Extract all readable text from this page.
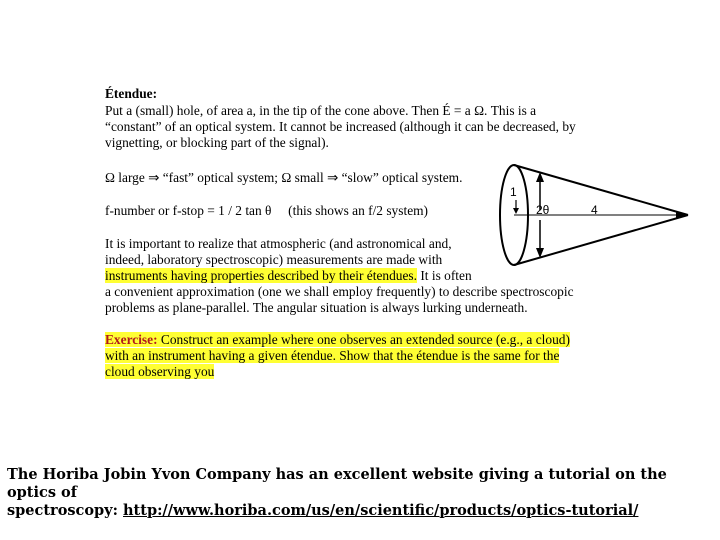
Étendue:
Put a (small) hole, of area a, in the tip of the cone above. Then É = a Ω. This is a
“constant” of an optical system. It cannot be increased (although it can be decreased, by
vignetting, or blocking part of the signal).
Ω large ⇒ “fast” optical system; Ω small ⇒ “slow” optical system.
f-number or f-stop = 1 / 2 tan θ (this shows an f/2 system)
It is important to realize that atmospheric (and astronomical and,
indeed, laboratory spectroscopic) measurements are made with
instruments having properties described by their étendues. It is often
a convenient approximation (one we shall employ frequently) to describe spectroscopic
problems as plane-parallel. The angular situation is always lurking underneath.
Exercise: Construct an example where one observes an extended source (e.g., a cloud)
with an instrument having a given étendue. Show that the étendue is the same for the
cloud observing you
1
2θ	4
The Horiba Jobin Yvon Company has an excellent website giving a tutorial on the optics of
spectroscopy: http://www.horiba.com/us/en/scientific/products/optics-tutorial/
